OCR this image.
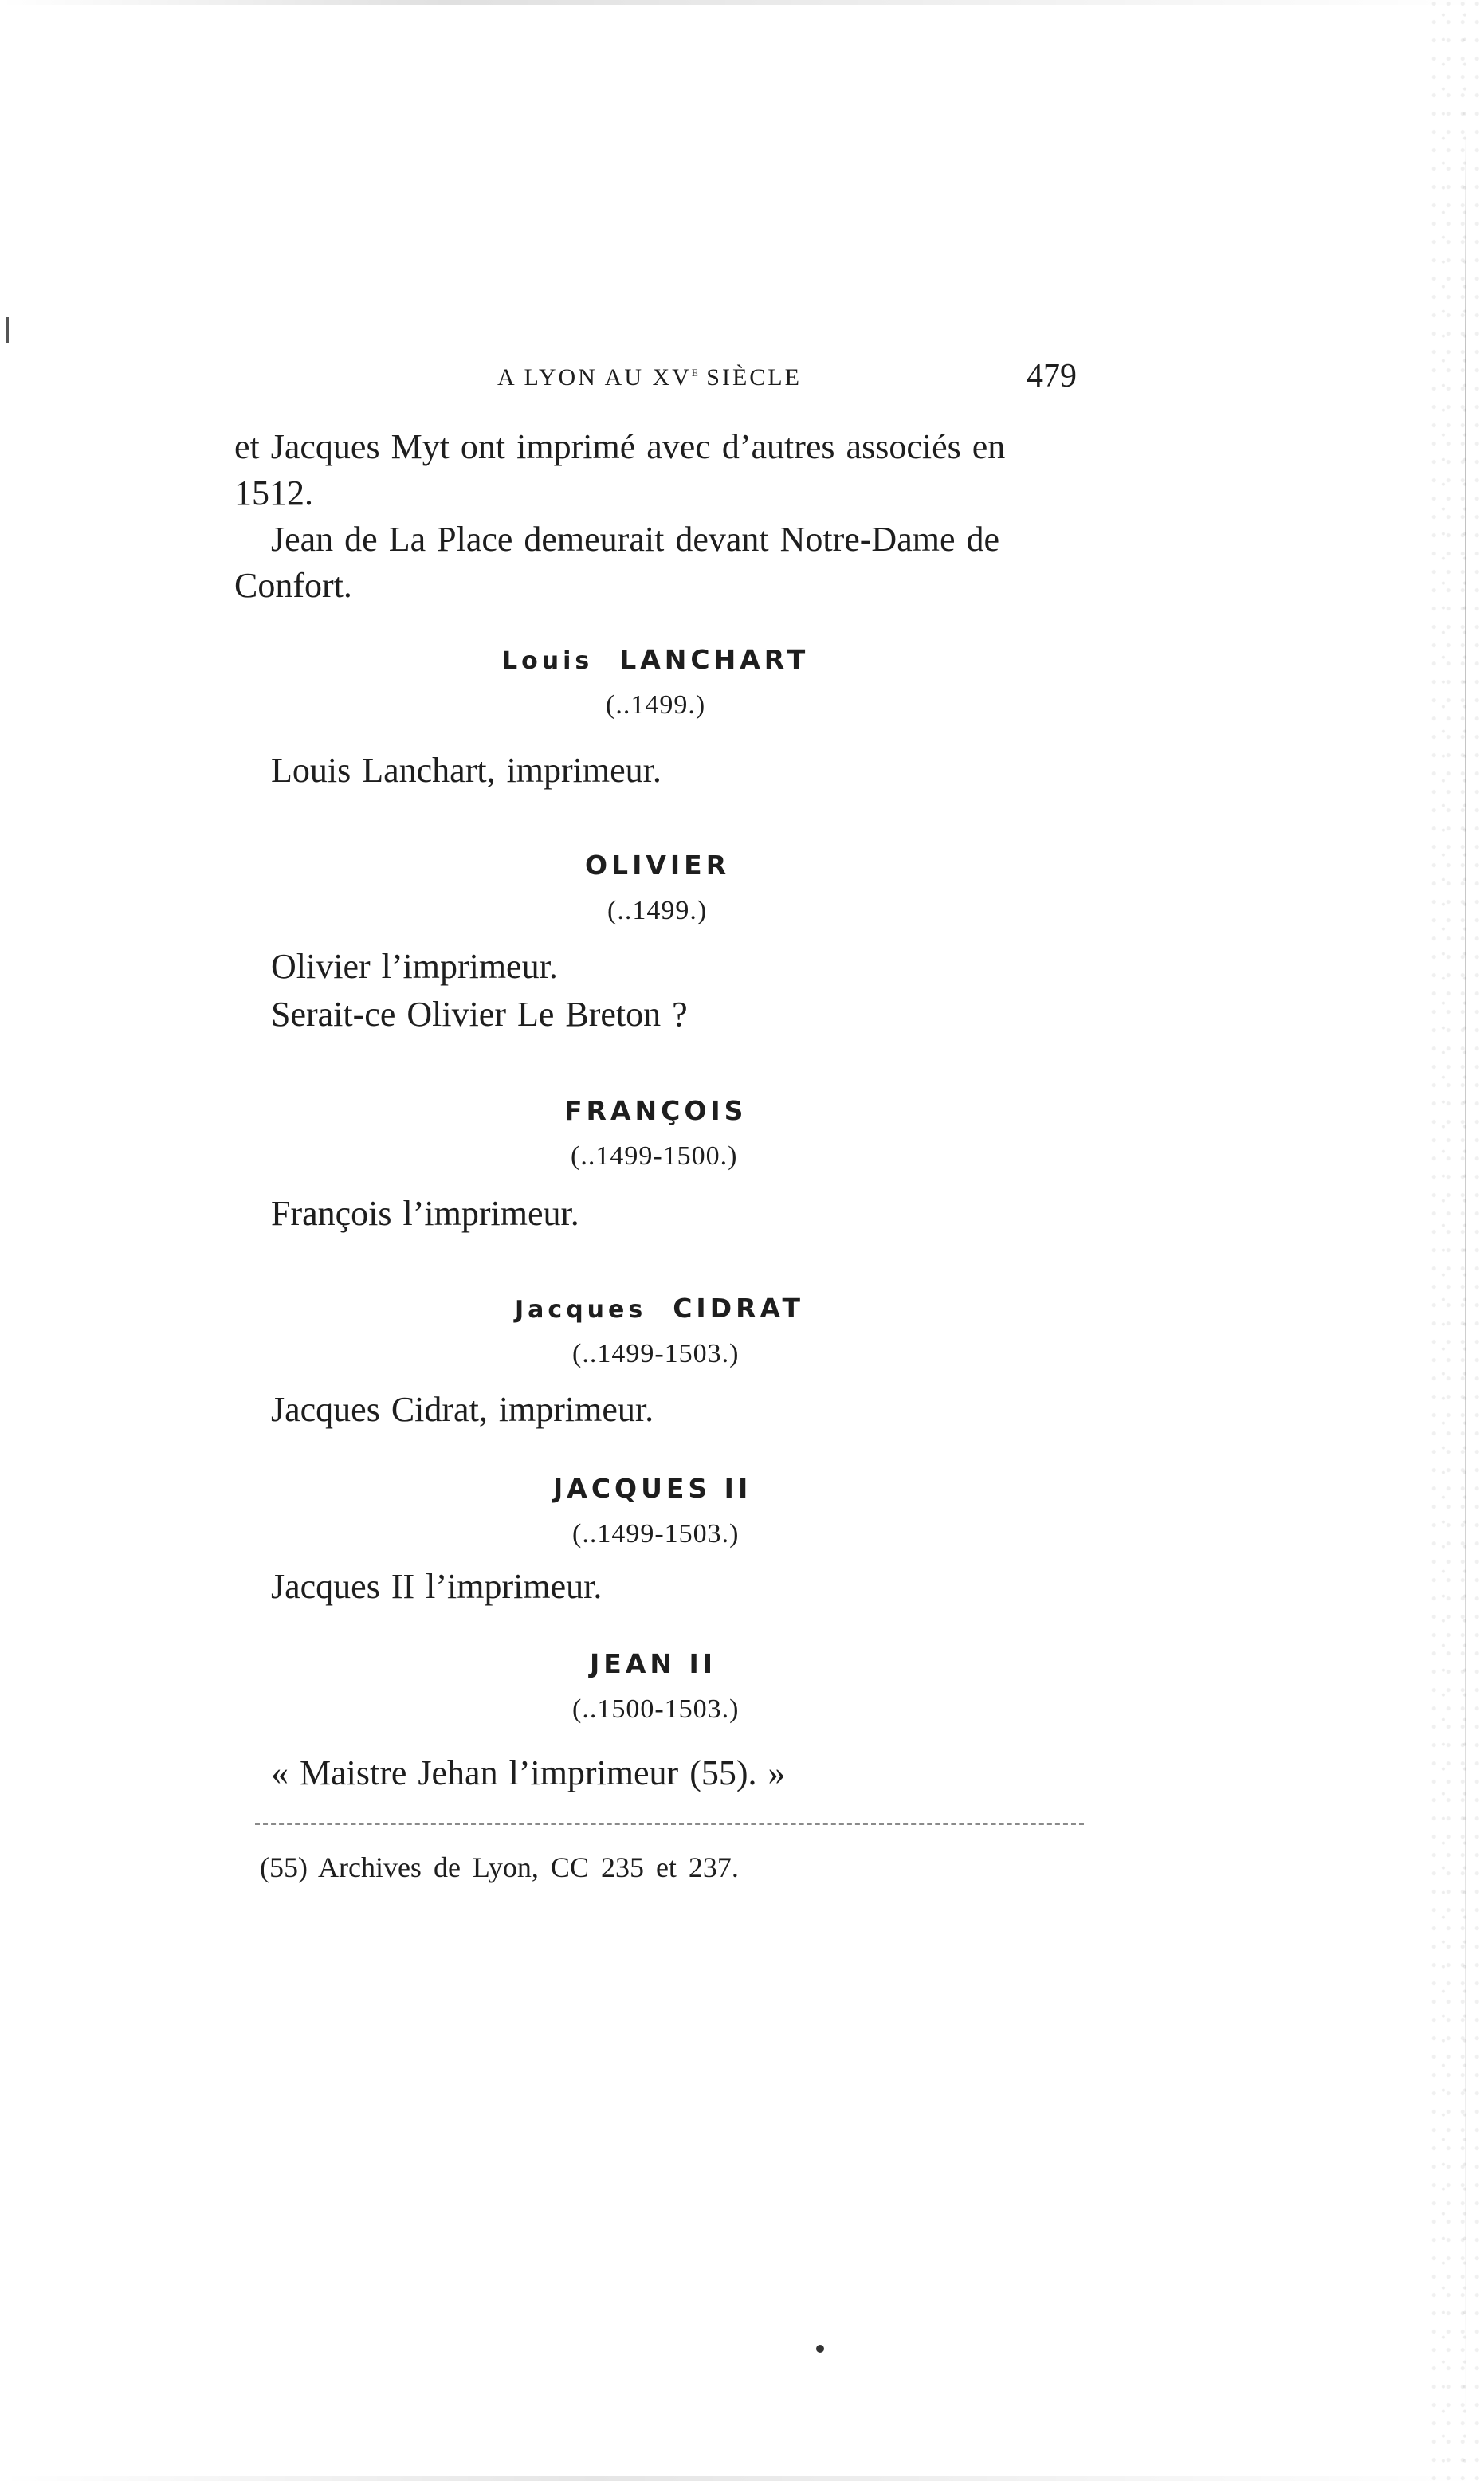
A LYON AU XVe SIÈCLE	479
et Jacques Myt ont imprimé avec d’autres associés en
1512.
Jean de La Place demeurait devant Notre-Dame de
Confort.
Louis LANCHART
(..1499.)
Louis Lanchart, imprimeur.
OLIVIER
(..1499.)
Olivier l’imprimeur.
Serait-ce Olivier Le Breton ?
FRANÇOIS
(..1499-1500.)
François l’imprimeur.
Jacques CIDRAT
(..1499-1503.)
Jacques Cidrat, imprimeur.
JACQUES II
(..1499-1503.)
Jacques II l’imprimeur.
JEAN II
(..1500-1503.)
« Maistre Jehan l’imprimeur (55). »
(55) Archives de Lyon, CC 235 et 237.
